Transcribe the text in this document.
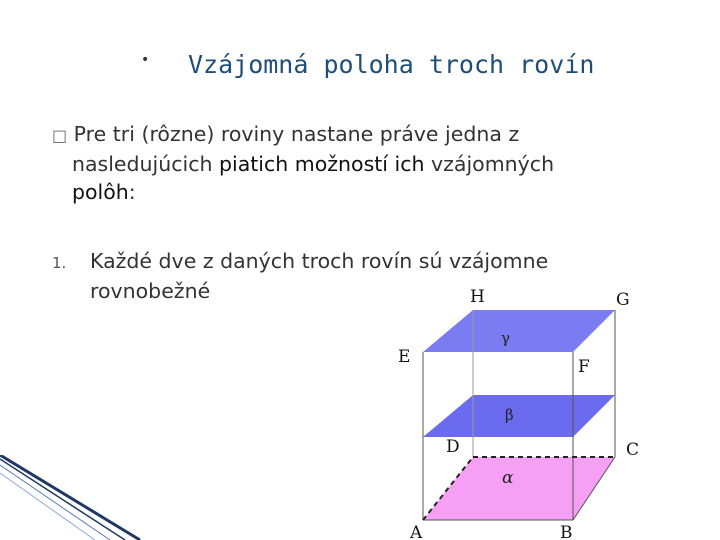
• Vzájomná poloha troch rovín
□ Pre tri (rôzne) roviny nastane práve jedna z
nasledujúcich piatich možností ich vzájomných
polôh:
1. Každé dve z daných troch rovín sú vzájomne
rovnobežné	H	G
E	F
D	C
A	B
γ
β
α
